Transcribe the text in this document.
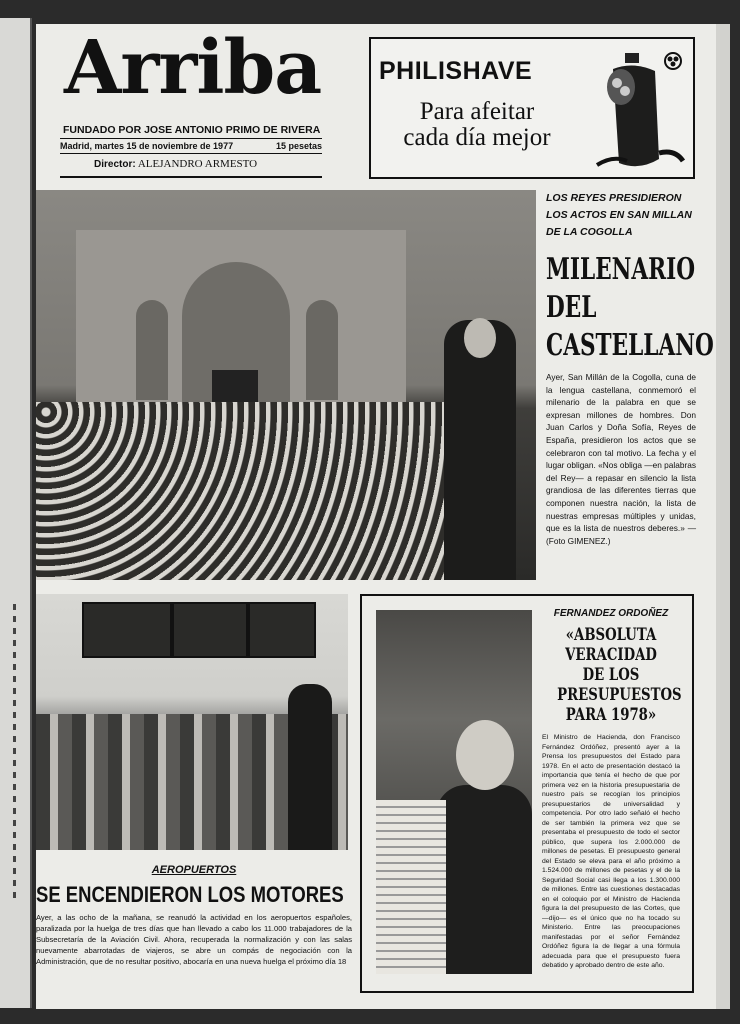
Arriba
FUNDADO POR JOSE ANTONIO PRIMO DE RIVERA
Madrid, martes 15 de noviembre de 1977	15 pesetas
Director: ALEJANDRO ARMESTO
PHILISHAVE
Para afeitar
cada día mejor

LOS REYES PRESIDIERON LOS ACTOS EN SAN MILLAN DE LA COGOLLA

MILENARIO
DEL
CASTELLANO

Ayer, San Millán de la Cogolla, cuna de la lengua castellana, conmemoró el milenario de la palabra en que se expresan millones de hombres. Don Juan Carlos y Doña Sofía, Reyes de España, presidieron los actos que se celebraron con tal motivo. La fecha y el lugar obligan. «Nos obliga —en palabras del Rey— a repasar en silencio la lista grandiosa de las diferentes tierras que componen nuestra nación, la lista de nuestras empresas múltiples y unidas, que es la lista de nuestros deberes.» — (Foto GIMENEZ.)

AEROPUERTOS

SE ENCENDIERON LOS MOTORES

Ayer, a las ocho de la mañana, se reanudó la actividad en los aeropuertos españoles, paralizada por la huelga de tres días que han llevado a cabo los 11.000 trabajadores de la Subsecretaría de la Aviación Civil. Ahora, recuperada la normalización y con las salas nuevamente abarrotadas de viajeros, se abre un compás de negociación con la Administración, que de no resultar positivo, abocaría en una nueva huelga el próximo día 18

FERNANDEZ ORDOÑEZ

«ABSOLUTA VERACIDAD DE LOS PRESUPUESTOS PARA 1978»

El Ministro de Hacienda, don Francisco Fernández Ordóñez, presentó ayer a la Prensa los presupuestos del Estado para 1978. En el acto de presentación destacó la importancia que tenía el hecho de que por primera vez en la historia presupuestaria de nuestro país se recogían los principios presupuestarios de universalidad y competencia. Por otro lado señaló el hecho de ser también la primera vez que se presentaba el presupuesto de todo el sector público, que supera los 2.000.000 de millones de pesetas. El presupuesto general del Estado se eleva para el año próximo a 1.524.000 de millones de pesetas y el de la Seguridad Social casi llega a los 1.300.000 de millones. Entre las cuestiones destacadas en el coloquio por el Ministro de Hacienda figura la del presupuesto de las Cortes, que —dijo— es el único que no ha tocado su Ministerio. Entre las preocupaciones manifestadas por el señor Fernández Ordóñez figura la de llegar a una fórmula adecuada para que el presupuesto fuera debatido y aprobado dentro de este año.
